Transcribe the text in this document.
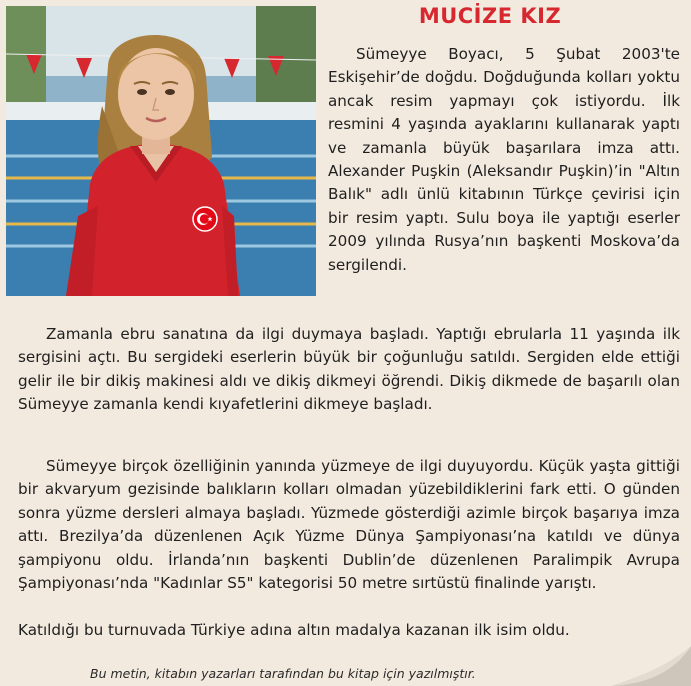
MUCİZE KIZ
Sümeyye Boyacı, 5 Şubat 2003'te Eskişehir’de doğdu. Doğduğunda kolları yoktu ancak resim yapmayı çok istiyordu. İlk resmini 4 yaşında ayaklarını kullanarak yaptı ve zamanla büyük başarılara imza attı. Alexander Puşkin (Aleksandır Puşkin)’in "Altın Balık" adlı ünlü kitabının Türkçe çevirisi için bir resim yaptı. Sulu boya ile yaptığı eserler 2009 yılında Rusya’nın başkenti Moskova’da sergilendi.
Zamanla ebru sanatına da ilgi duymaya başladı. Yaptığı ebrularla 11 yaşında ilk sergisini açtı. Bu sergideki eserlerin büyük bir çoğunluğu satıldı. Sergiden elde ettiği gelir ile bir dikiş makinesi aldı ve dikiş dikmeyi öğrendi. Dikiş dikmede de başarılı olan Sümeyye zamanla kendi kıyafetlerini dikmeye başladı.
Sümeyye birçok özelliğinin yanında yüzmeye de ilgi duyuyordu. Küçük yaşta gittiği bir akvaryum gezisinde balıkların kolları olmadan yüzebildiklerini fark etti. O günden sonra yüzme dersleri almaya başladı. Yüzmede gösterdiği azimle birçok başarıya imza attı. Brezilya’da düzenlenen Açık Yüzme Dünya Şampiyonası’na katıldı ve dünya şampiyonu oldu. İrlanda’nın başkenti Dublin’de düzenlenen Paralimpik Avrupa Şampiyonası’nda "Kadınlar S5" kategorisi 50 metre sırtüstü finalinde yarıştı.
Katıldığı bu turnuvada Türkiye adına altın madalya kazanan ilk isim oldu.
Bu metin, kitabın yazarları tarafından bu kitap için yazılmıştır.
